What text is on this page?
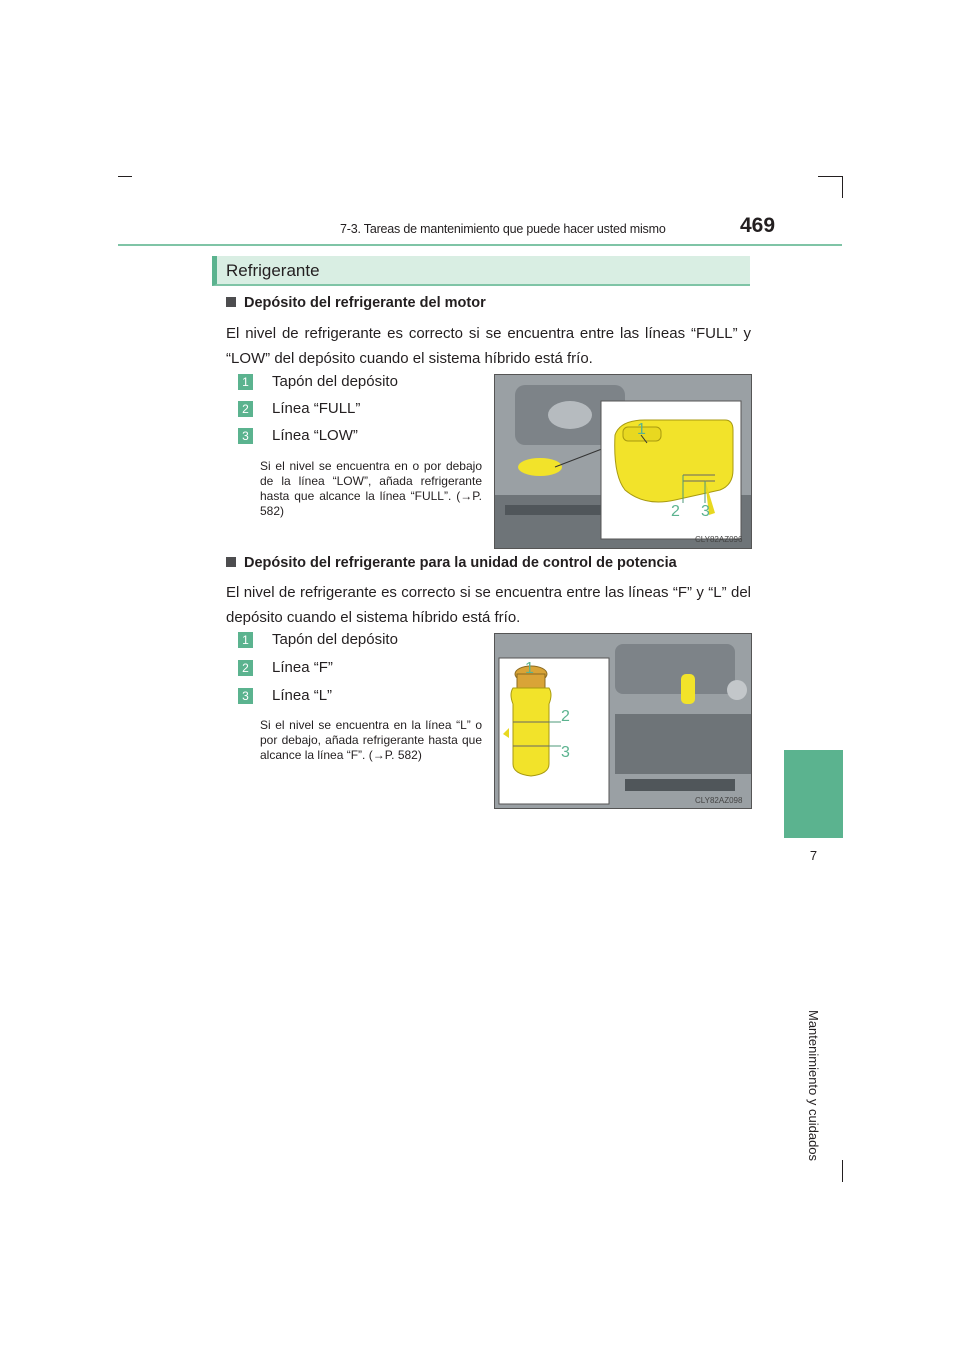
7-3. Tareas de mantenimiento que puede hacer usted mismo	469
7
Mantenimiento y cuidados
Refrigerante
Depósito del refrigerante del motor
El nivel de refrigerante es correcto si se encuentra entre las líneas “FULL” y “LOW” del depósito cuando el sistema híbrido está frío.
1 Tapón del depósito
2 Línea “FULL”
3 Línea “LOW”
Si el nivel se encuentra en o por debajo de la línea “LOW”, añada refrigerante hasta que alcance la línea “FULL”. (→P. 582)
1
2 3
CLY82AZ096
Depósito del refrigerante para la unidad de control de potencia
El nivel de refrigerante es correcto si se encuentra entre las líneas “F” y “L” del depósito cuando el sistema híbrido está frío.
1 Tapón del depósito
2 Línea “F”
3 Línea “L”
Si el nivel se encuentra en la línea “L” o por debajo, añada refrigerante hasta que alcance la línea “F”. (→P. 582)
1
2
3
CLY82AZ098
